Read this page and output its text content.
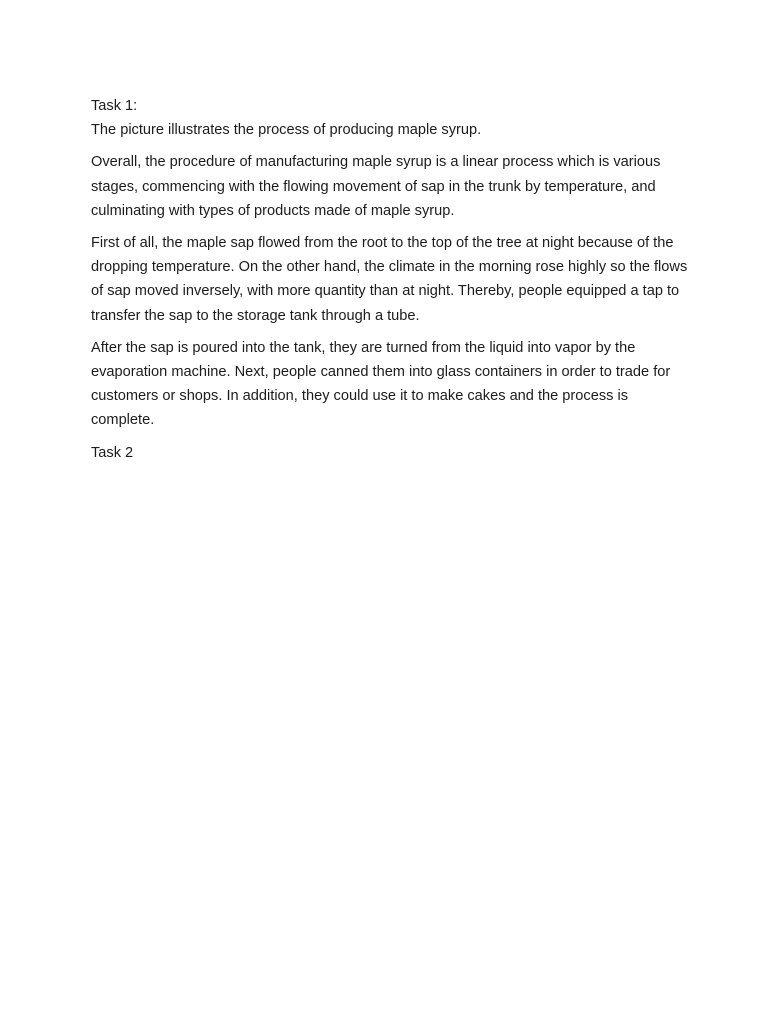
Task 1:

The picture illustrates the process of producing maple syrup.

Overall, the procedure of manufacturing maple syrup is a linear process which is various stages, commencing with the flowing movement of sap in the trunk by temperature, and culminating with types of products made of maple syrup.

First of all, the maple sap flowed from the root to the top of the tree at night because of the dropping temperature. On the other hand, the climate in the morning rose highly so the flows of sap moved inversely, with more quantity than at night. Thereby, people equipped a tap to transfer the sap to the storage tank through a tube.

After the sap is poured into the tank, they are turned from the liquid into vapor by the evaporation machine. Next, people canned them into glass containers in order to trade for customers or shops. In addition, they could use it to make cakes and the process is complete.

Task 2
